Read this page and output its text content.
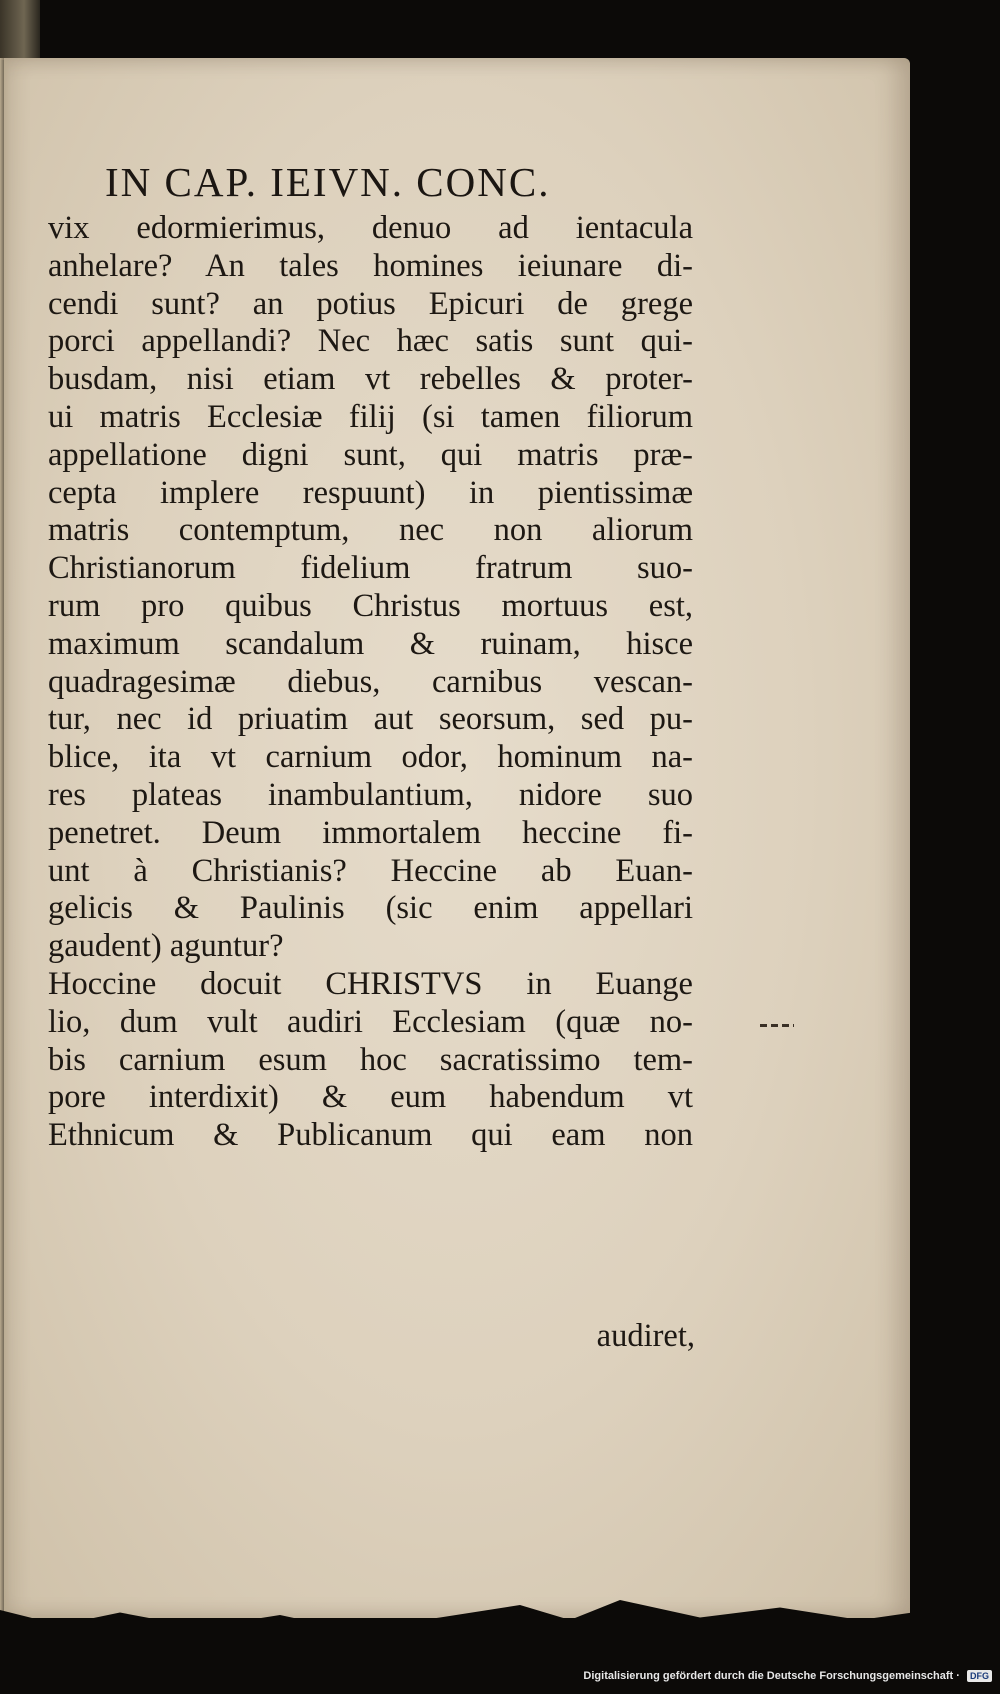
IN CAP. IEIVN. CONC.
vix edormierimus, denuo ad ientacula
anhelare? An tales homines ieiunare di-
cendi sunt? an potius Epicuri de grege
porci appellandi? Nec hæc satis sunt qui-
busdam, nisi etiam vt rebelles & proter-
ui matris Ecclesiæ filij (si tamen filiorum
appellatione digni sunt, qui matris præ-
cepta implere respuunt) in pientissimæ
matris contemptum, nec non aliorum
Christianorum fidelium fratrum suo-
rum pro quibus Christus mortuus est,
maximum scandalum & ruinam, hisce
quadragesimæ diebus, carnibus vescan-
tur, nec id priuatim aut seorsum, sed pu-
blice, ita vt carnium odor, hominum na-
res plateas inambulantium, nidore suo
penetret. Deum immortalem heccine fi-
unt à Christianis? Heccine ab Euan-
gelicis & Paulinis (sic enim appellari
gaudent) aguntur?
Hoccine docuit CHRISTVS in Euange
lio, dum vult audiri Ecclesiam (quæ no-
bis carnium esum hoc sacratissimo tem-
pore interdixit) & eum habendum vt
Ethnicum & Publicanum qui eam non
audiret,
Digitalisierung gefördert durch die Deutsche Forschungsgemeinschaft · DFG
